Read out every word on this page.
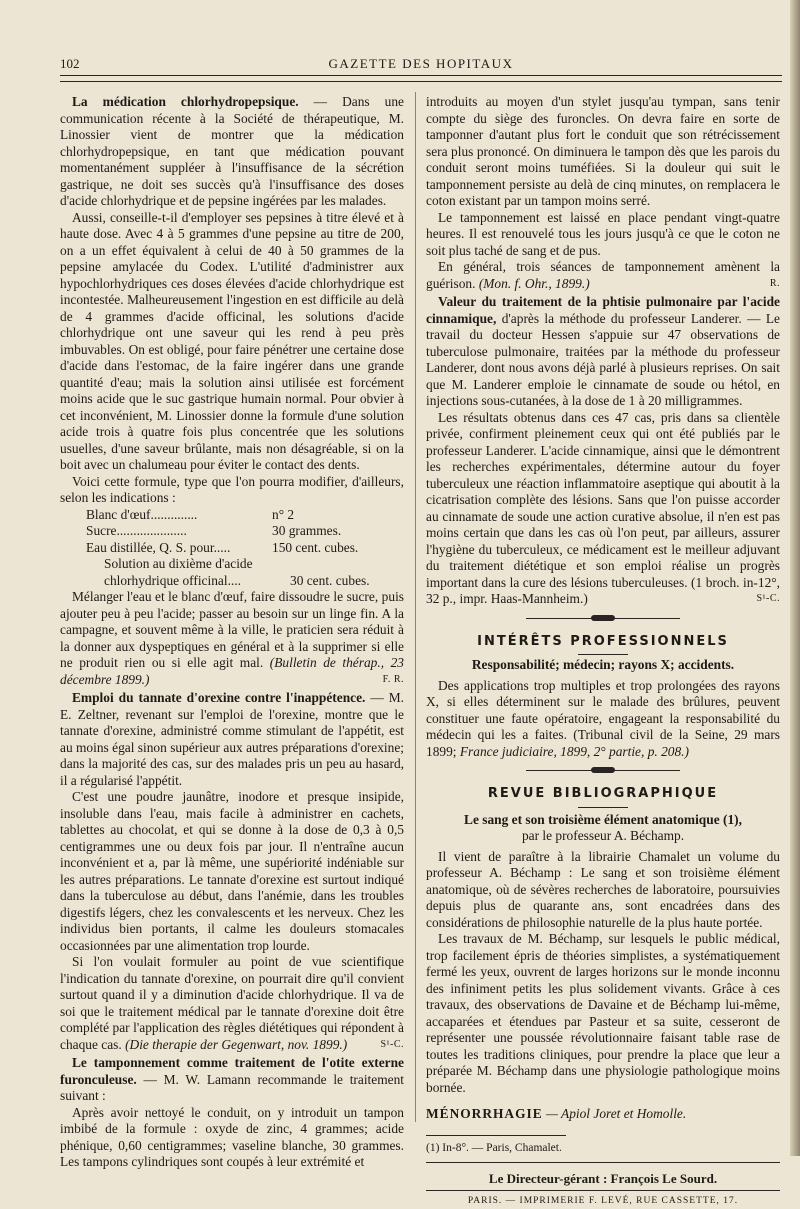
102	GAZETTE DES HOPITAUX

La médication chlorhydropepsique. — Dans une communication récente à la Société de thérapeutique, M. Linossier vient de montrer que la médication chlorhydropepsique, en tant que médication pouvant momentanément suppléer à l'insuffisance de la sécrétion gastrique, ne doit ses succès qu'à l'insuffisance des doses d'acide chlorhydrique et de pepsine ingérées par les malades.

Aussi, conseille-t-il d'employer ses pepsines à titre élevé et à haute dose. Avec 4 à 5 grammes d'une pepsine au titre de 200, on a un effet équivalent à celui de 40 à 50 grammes de la pepsine amylacée du Codex. L'utilité d'administrer aux hypochlorhydriques ces doses élevées d'acide chlorhydrique est incontestée. Malheureusement l'ingestion en est difficile au delà de 4 grammes d'acide officinal, les solutions d'acide chlorhydrique ont une saveur qui les rend à peu près imbuvables. On est obligé, pour faire pénétrer une certaine dose d'acide dans l'estomac, de la faire ingérer dans une grande quantité d'eau; mais la solution ainsi utilisée est forcément moins acide que le suc gastrique humain normal. Pour obvier à cet inconvénient, M. Linossier donne la formule d'une solution acide trois à quatre fois plus concentrée que les solutions usuelles, d'une saveur brûlante, mais non désagréable, si on la boit avec un chalumeau pour éviter le contact des dents.

Voici cette formule, type que l'on pourra modifier, d'ailleurs, selon les indications :

Blanc d'œuf..............	n° 2
Sucre.....................	30 grammes.
Eau distillée, Q. S. pour.....	150 cent. cubes.
Solution au dixième d'acide
chlorhydrique officinal....	30 cent. cubes.

Mélanger l'eau et le blanc d'œuf, faire dissoudre le sucre, puis ajouter peu à peu l'acide; passer au besoin sur un linge fin. A la campagne, et souvent même à la ville, le praticien sera réduit à la donner aux dyspeptiques en général et à la supprimer si elle ne produit rien ou si elle agit mal. (Bulletin de thérap., 23 décembre 1899.)	F. R.

Emploi du tannate d'orexine contre l'inappétence. — M. E. Zeltner, revenant sur l'emploi de l'orexine, montre que le tannate d'orexine, administré comme stimulant de l'appétit, est au moins égal sinon supérieur aux autres préparations d'orexine; dans la majorité des cas, sur des malades pris un peu au hasard, il a régularisé l'appétit.

C'est une poudre jaunâtre, inodore et presque insipide, insoluble dans l'eau, mais facile à administrer en cachets, tablettes au chocolat, et qui se donne à la dose de 0,3 à 0,5 centigrammes une ou deux fois par jour. Il n'entraîne aucun inconvénient et a, par là même, une supériorité indéniable sur les autres préparations. Le tannate d'orexine est surtout indiqué dans la tuberculose au début, dans l'anémie, dans les troubles digestifs légers, chez les convalescents et les nerveux. Chez les individus bien portants, il calme les douleurs stomacales occasionnées par une alimentation trop lourde.

Si l'on voulait formuler au point de vue scientifique l'indication du tannate d'orexine, on pourrait dire qu'il convient surtout quand il y a diminution d'acide chlorhydrique. Il va de soi que le traitement médical par le tannate d'orexine doit être complété par l'application des règles diététiques qui répondent à chaque cas. (Die therapie der Gegenwart, nov. 1899.)	S¹-C.

Le tamponnement comme traitement de l'otite externe furonculeuse. — M. W. Lamann recommande le traitement suivant :

Après avoir nettoyé le conduit, on y introduit un tampon imbibé de la formule : oxyde de zinc, 4 grammes; acide phénique, 0,60 centigrammes; vaseline blanche, 30 grammes. Les tampons cylindriques sont coupés à leur extrémité et

introduits au moyen d'un stylet jusqu'au tympan, sans tenir compte du siège des furoncles. On devra faire en sorte de tamponner d'autant plus fort le conduit que son rétrécissement sera plus prononcé. On diminuera le tampon dès que les parois du conduit seront moins tuméfiées. Si la douleur qui suit le tamponnement persiste au delà de cinq minutes, on remplacera le coton existant par un tampon moins serré.

Le tamponnement est laissé en place pendant vingt-quatre heures. Il est renouvelé tous les jours jusqu'à ce que le coton ne soit plus taché de sang et de pus.

En général, trois séances de tamponnement amènent la guérison. (Mon. f. Ohr., 1899.)	R.

Valeur du traitement de la phtisie pulmonaire par l'acide cinnamique, d'après la méthode du professeur Landerer. — Le travail du docteur Hessen s'appuie sur 47 observations de tuberculose pulmonaire, traitées par la méthode du professeur Landerer, dont nous avons déjà parlé à plusieurs reprises. On sait que M. Landerer emploie le cinnamate de soude ou hétol, en injections sous-cutanées, à la dose de 1 à 20 milligrammes.

Les résultats obtenus dans ces 47 cas, pris dans sa clientèle privée, confirment pleinement ceux qui ont été publiés par le professeur Landerer. L'acide cinnamique, ainsi que le démontrent les recherches expérimentales, détermine autour du foyer tuberculeux une réaction inflammatoire aseptique qui aboutit à la cicatrisation complète des lésions. Sans que l'on puisse accorder au cinnamate de soude une action curative absolue, il n'en est pas moins certain que dans les cas où l'on peut, par ailleurs, assurer l'hygiène du tuberculeux, ce médicament est le meilleur adjuvant du traitement diététique et son emploi réalise un progrès important dans la cure des lésions tuberculeuses. (1 broch. in-12°, 32 p., impr. Haas-Mannheim.)	S¹-C.

INTÉRÊTS PROFESSIONNELS

Responsabilité; médecin; rayons X; accidents.

Des applications trop multiples et trop prolongées des rayons X, si elles déterminent sur le malade des brûlures, peuvent constituer une faute opératoire, engageant la responsabilité du médecin qui les a faites. (Tribunal civil de la Seine, 29 mars 1899; France judiciaire, 1899, 2° partie, p. 208.)

REVUE BIBLIOGRAPHIQUE

Le sang et son troisième élément anatomique (1),

par le professeur A. Béchamp.

Il vient de paraître à la librairie Chamalet un volume du professeur A. Béchamp : Le sang et son troisième élément anatomique, où de sévères recherches de laboratoire, poursuivies depuis plus de quarante ans, sont encadrées dans des considérations de philosophie naturelle de la plus haute portée.

Les travaux de M. Béchamp, sur lesquels le public médical, trop facilement épris de théories simplistes, a systématiquement fermé les yeux, ouvrent de larges horizons sur le monde inconnu des infiniment petits les plus solidement vivants. Grâce à ces travaux, des observations de Davaine et de Béchamp lui-même, accaparées et étendues par Pasteur et sa suite, cesseront de représenter une poussée révolutionnaire faisant table rase de toutes les traditions cliniques, pour prendre la place que leur a préparée M. Béchamp dans une physiologie pathologique moins bornée.

MÉNORRHAGIE — Apiol Joret et Homolle.

(1) In-8°. — Paris, Chamalet.

Le Directeur-gérant : François Le Sourd.

PARIS. — IMPRIMERIE F. LEVÉ, RUE CASSETTE, 17.
